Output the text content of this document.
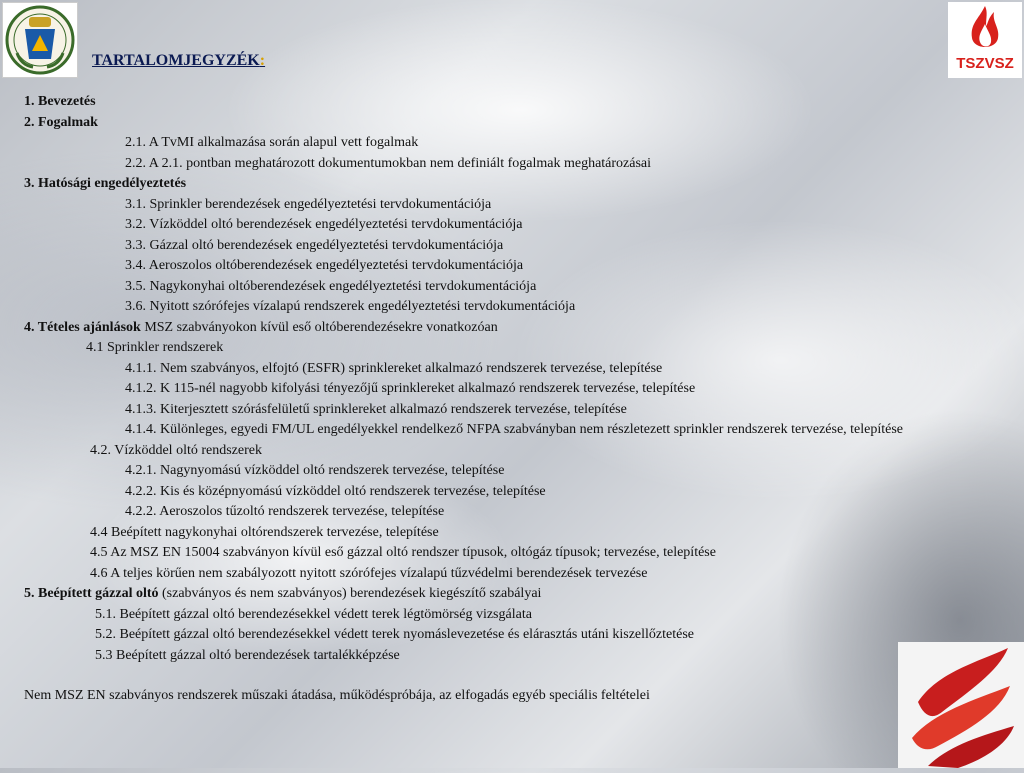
TSZVSZ
TARTALOMJEGYZÉK:
1. Bevezetés
2. Fogalmak
2.1. A TvMI alkalmazása során alapul vett fogalmak
2.2. A 2.1. pontban meghatározott dokumentumokban nem definiált fogalmak meghatározásai
3. Hatósági engedélyeztetés
3.1. Sprinkler berendezések engedélyeztetési tervdokumentációja
3.2. Vízköddel oltó berendezések engedélyeztetési tervdokumentációja
3.3. Gázzal oltó berendezések engedélyeztetési tervdokumentációja
3.4. Aeroszolos oltóberendezések engedélyeztetési tervdokumentációja
3.5. Nagykonyhai oltóberendezések engedélyeztetési tervdokumentációja
3.6. Nyitott szórófejes vízalapú rendszerek engedélyeztetési tervdokumentációja
4. Tételes ajánlások MSZ szabványokon kívül eső oltóberendezésekre vonatkozóan
4.1 Sprinkler rendszerek
4.1.1. Nem szabványos, elfojtó (ESFR) sprinklereket alkalmazó rendszerek tervezése, telepítése
4.1.2. K 115-nél nagyobb kifolyási tényezőjű sprinklereket alkalmazó rendszerek tervezése, telepítése
4.1.3. Kiterjesztett szórásfelületű sprinklereket alkalmazó rendszerek tervezése, telepítése
4.1.4. Különleges, egyedi FM/UL engedélyekkel rendelkező NFPA szabványban nem részletezett sprinkler rendszerek tervezése, telepítése
4.2. Vízköddel oltó rendszerek
4.2.1. Nagynyomású vízköddel oltó rendszerek tervezése, telepítése
4.2.2. Kis és középnyomású vízköddel oltó rendszerek tervezése, telepítése
4.2.2. Aeroszolos tűzoltó rendszerek tervezése, telepítése
4.4 Beépített nagykonyhai oltórendszerek tervezése, telepítése
4.5 Az MSZ EN 15004 szabványon kívül eső gázzal oltó rendszer típusok, oltógáz típusok; tervezése, telepítése
4.6 A teljes körűen nem szabályozott nyitott szórófejes vízalapú tűzvédelmi berendezések tervezése
5. Beépített gázzal oltó (szabványos és nem szabványos) berendezések kiegészítő szabályai
5.1. Beépített gázzal oltó berendezésekkel védett terek légtömörség vizsgálata
5.2. Beépített gázzal oltó berendezésekkel védett terek nyomáslevezetése és elárasztás utáni kiszellőztetése
5.3 Beépített gázzal oltó berendezések tartalékképzése
Nem MSZ EN szabványos rendszerek műszaki átadása, működéspróbája, az elfogadás egyéb speciális feltételei
